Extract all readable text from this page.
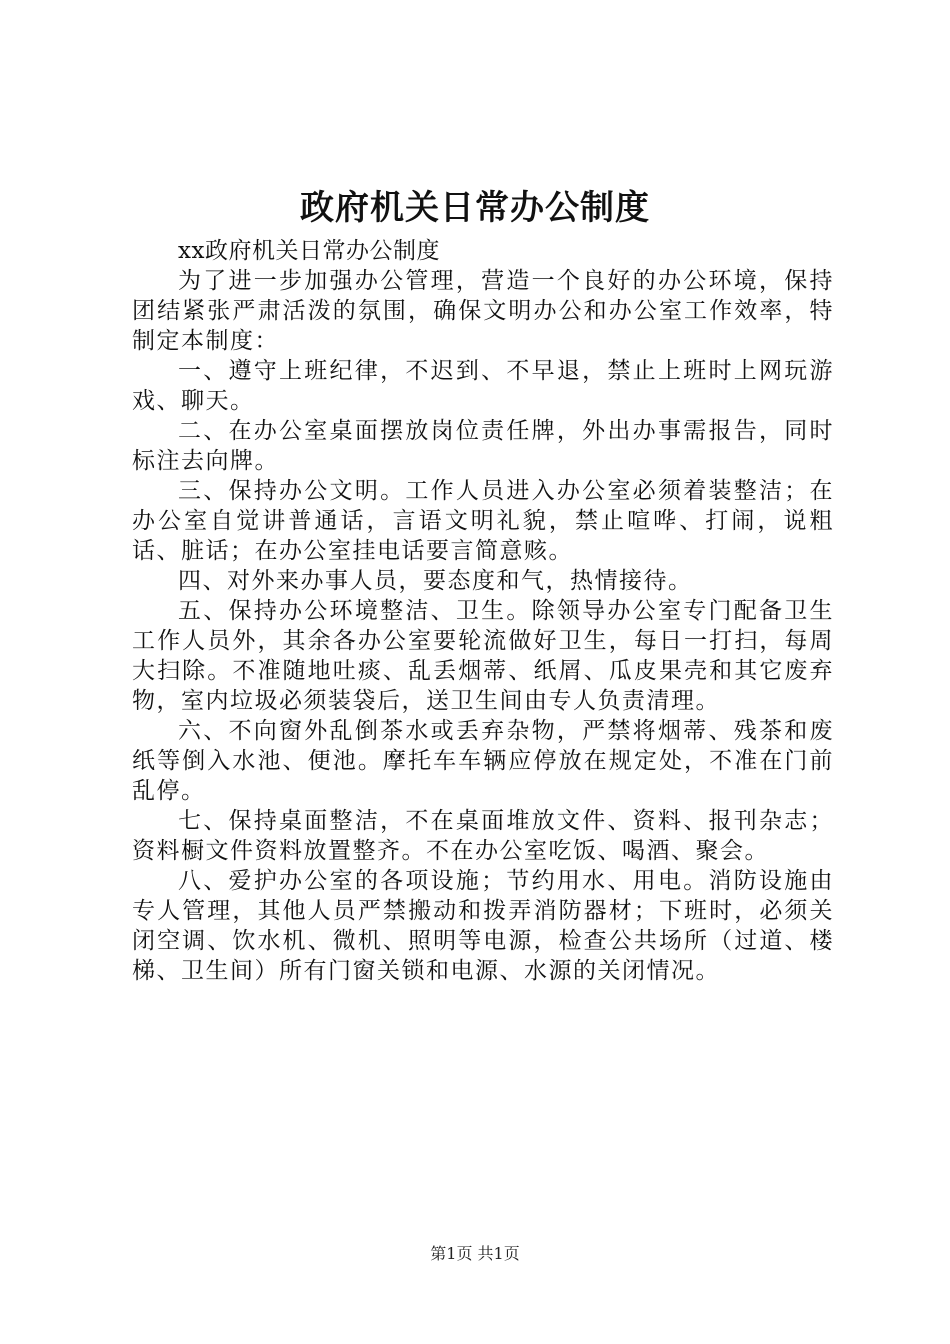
政府机关日常办公制度

xx政府机关日常办公制度

为了进一步加强办公管理，营造一个良好的办公环境，保持团结紧张严肃活泼的氛围，确保文明办公和办公室工作效率，特制定本制度：

一、遵守上班纪律，不迟到、不早退，禁止上班时上网玩游戏、聊天。

二、在办公室桌面摆放岗位责任牌，外出办事需报告，同时标注去向牌。

三、保持办公文明。工作人员进入办公室必须着装整洁；在办公室自觉讲普通话，言语文明礼貌，禁止喧哗、打闹，说粗话、脏话；在办公室挂电话要言简意赅。

四、对外来办事人员，要态度和气，热情接待。

五、保持办公环境整洁、卫生。除领导办公室专门配备卫生工作人员外，其余各办公室要轮流做好卫生，每日一打扫，每周大扫除。不准随地吐痰、乱丢烟蒂、纸屑、瓜皮果壳和其它废弃物，室内垃圾必须装袋后，送卫生间由专人负责清理。

六、不向窗外乱倒茶水或丢弃杂物，严禁将烟蒂、残茶和废纸等倒入水池、便池。摩托车车辆应停放在规定处，不准在门前乱停。

七、保持桌面整洁，不在桌面堆放文件、资料、报刊杂志；资料橱文件资料放置整齐。不在办公室吃饭、喝酒、聚会。

八、爱护办公室的各项设施；节约用水、用电。消防设施由专人管理，其他人员严禁搬动和拨弄消防器材；下班时，必须关闭空调、饮水机、微机、照明等电源，检查公共场所（过道、楼梯、卫生间）所有门窗关锁和电源、水源的关闭情况。

第1页 共1页
